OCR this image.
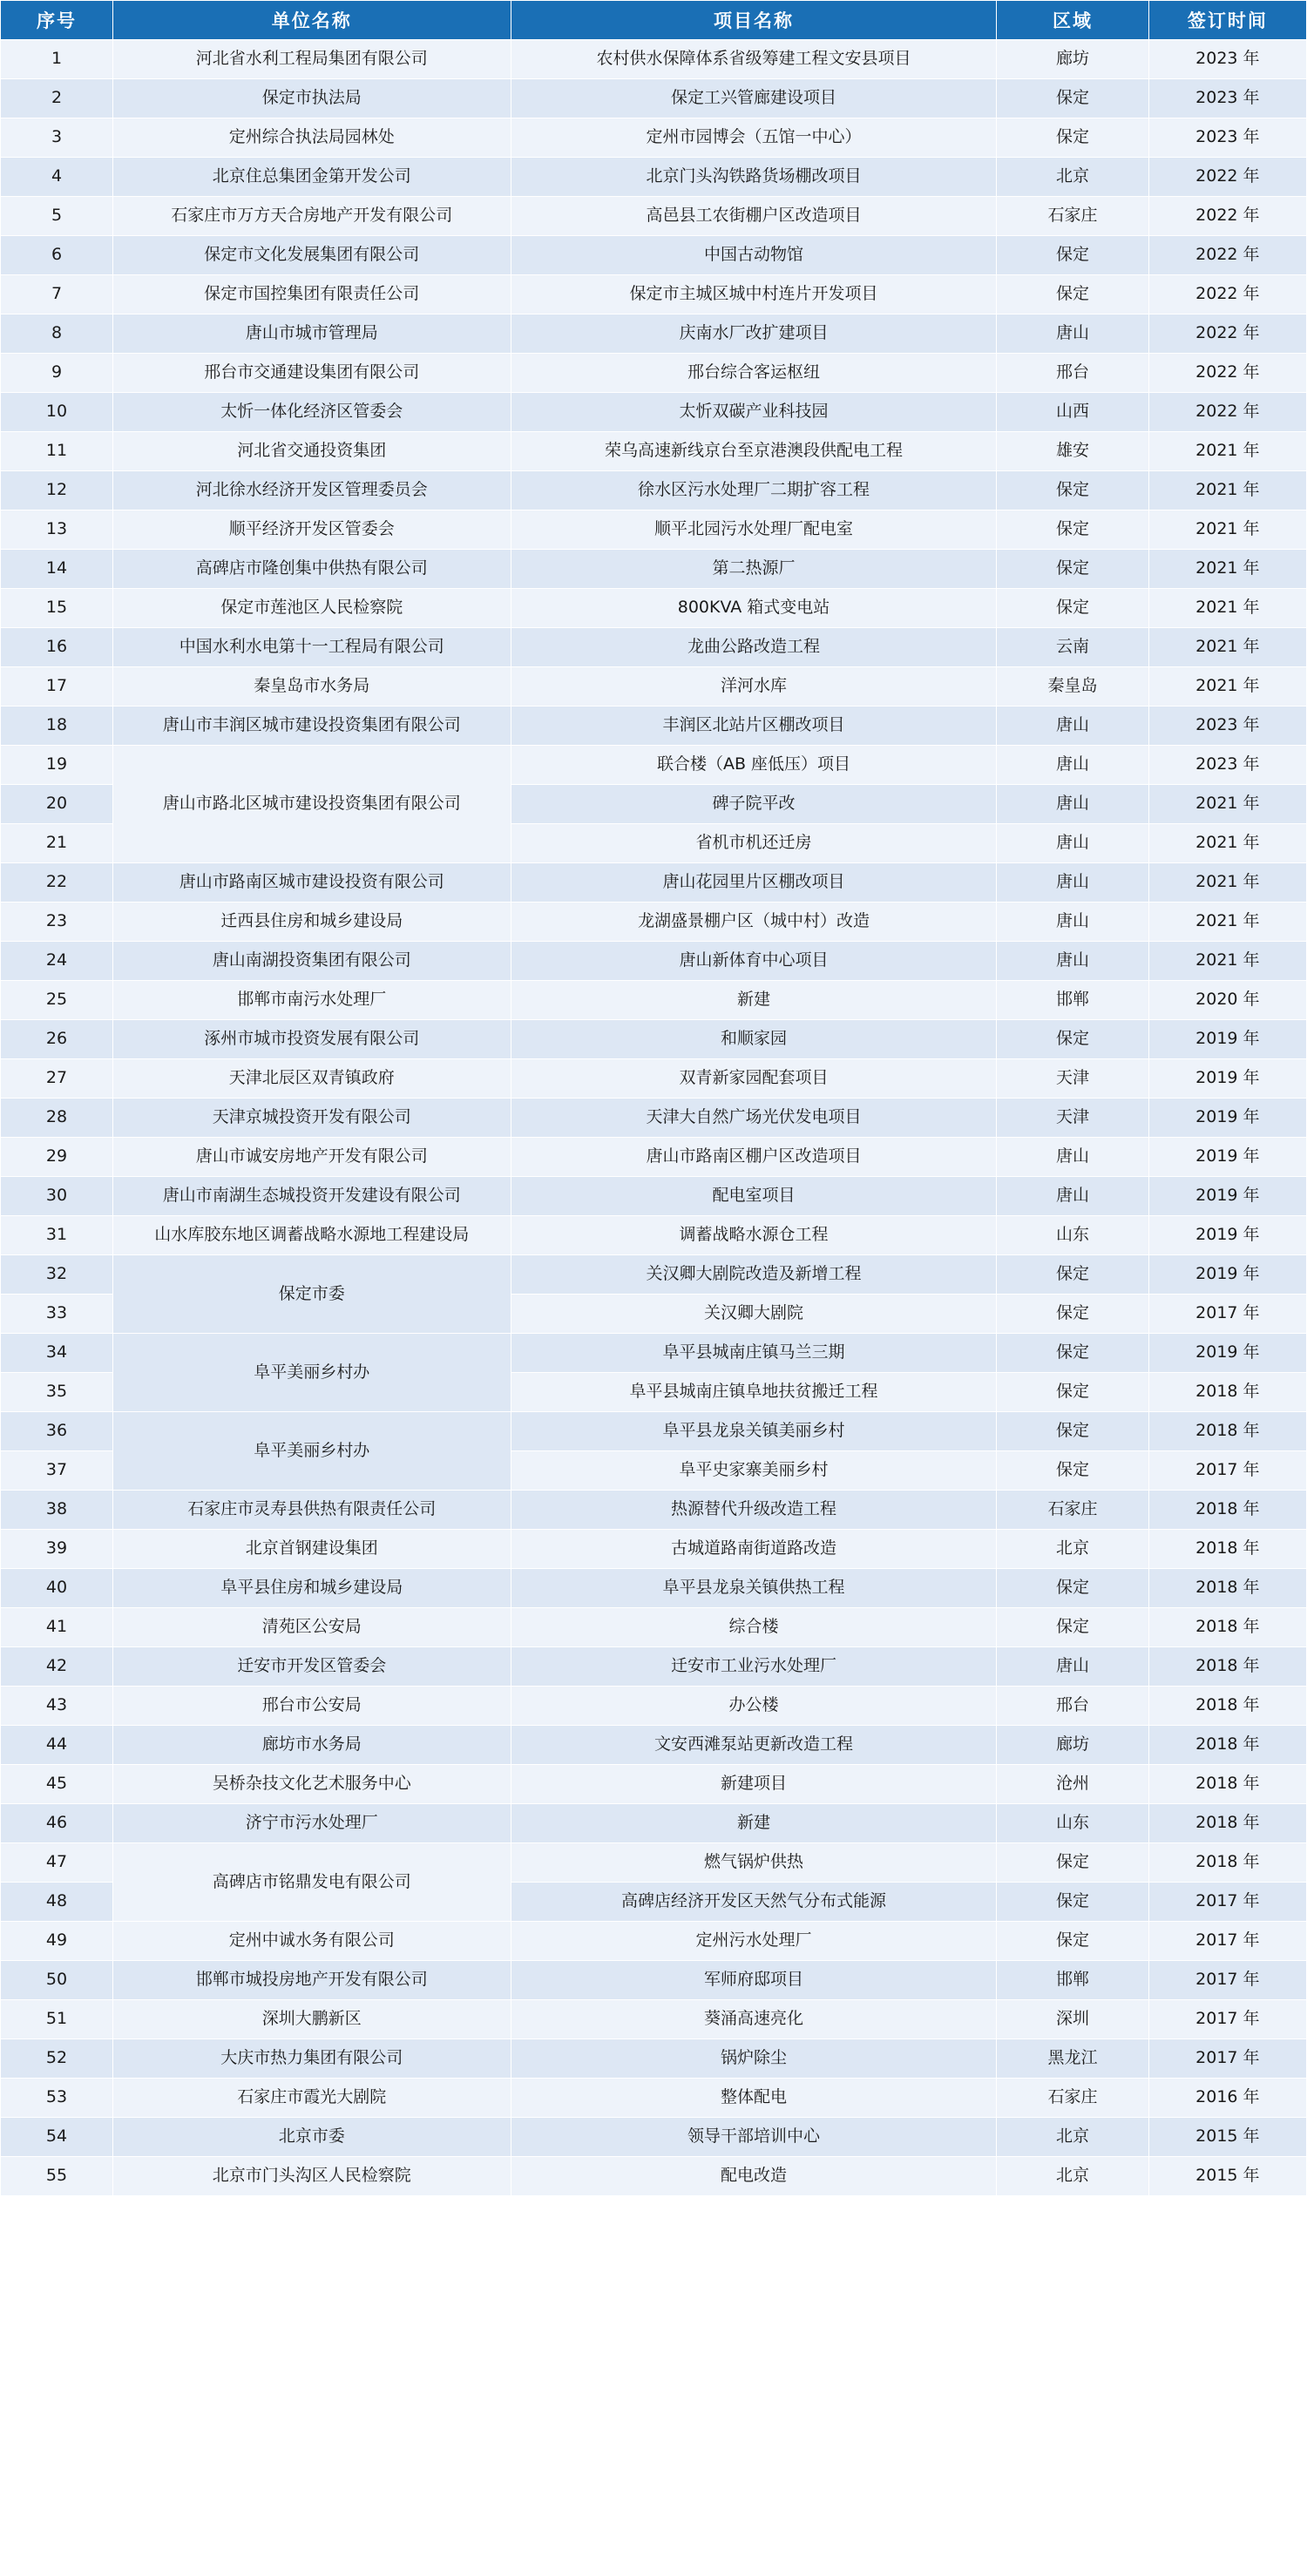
序号	单位名称	项目名称	区域	签订时间
1	河北省水利工程局集团有限公司	农村供水保障体系省级筹建工程文安县项目	廊坊	2023 年
2	保定市执法局	保定工兴管廊建设项目	保定	2023 年
3	定州综合执法局园林处	定州市园博会（五馆一中心）	保定	2023 年
4	北京住总集团金第开发公司	北京门头沟铁路货场棚改项目	北京	2022 年
5	石家庄市万方天合房地产开发有限公司	高邑县工农街棚户区改造项目	石家庄	2022 年
6	保定市文化发展集团有限公司	中国古动物馆	保定	2022 年
7	保定市国控集团有限责任公司	保定市主城区城中村连片开发项目	保定	2022 年
8	唐山市城市管理局	庆南水厂改扩建项目	唐山	2022 年
9	邢台市交通建设集团有限公司	邢台综合客运枢纽	邢台	2022 年
10	太忻一体化经济区管委会	太忻双碳产业科技园	山西	2022 年
11	河北省交通投资集团	荣乌高速新线京台至京港澳段供配电工程	雄安	2021 年
12	河北徐水经济开发区管理委员会	徐水区污水处理厂二期扩容工程	保定	2021 年
13	顺平经济开发区管委会	顺平北园污水处理厂配电室	保定	2021 年
14	高碑店市隆创集中供热有限公司	第二热源厂	保定	2021 年
15	保定市莲池区人民检察院	800KVA 箱式变电站	保定	2021 年
16	中国水利水电第十一工程局有限公司	龙曲公路改造工程	云南	2021 年
17	秦皇岛市水务局	洋河水库	秦皇岛	2021 年
18	唐山市丰润区城市建设投资集团有限公司	丰润区北站片区棚改项目	唐山	2023 年
19	唐山市路北区城市建设投资集团有限公司	联合楼（AB 座低压）项目	唐山	2023 年
20		碑子院平改	唐山	2021 年
21		省机市机还迁房	唐山	2021 年
22	唐山市路南区城市建设投资有限公司	唐山花园里片区棚改项目	唐山	2021 年
23	迁西县住房和城乡建设局	龙湖盛景棚户区（城中村）改造	唐山	2021 年
24	唐山南湖投资集团有限公司	唐山新体育中心项目	唐山	2021 年
25	邯郸市南污水处理厂	新建	邯郸	2020 年
26	涿州市城市投资发展有限公司	和顺家园	保定	2019 年
27	天津北辰区双青镇政府	双青新家园配套项目	天津	2019 年
28	天津京城投资开发有限公司	天津大自然广场光伏发电项目	天津	2019 年
29	唐山市诚安房地产开发有限公司	唐山市路南区棚户区改造项目	唐山	2019 年
30	唐山市南湖生态城投资开发建设有限公司	配电室项目	唐山	2019 年
31	山水库胶东地区调蓄战略水源地工程建设局	调蓄战略水源仓工程	山东	2019 年
32	保定市委	关汉卿大剧院改造及新增工程	保定	2019 年
33		关汉卿大剧院	保定	2017 年
34	阜平美丽乡村办	阜平县城南庄镇马兰三期	保定	2019 年
35		阜平县城南庄镇阜地扶贫搬迁工程	保定	2018 年
36	阜平美丽乡村办	阜平县龙泉关镇美丽乡村	保定	2018 年
37		阜平史家寨美丽乡村	保定	2017 年
38	石家庄市灵寿县供热有限责任公司	热源替代升级改造工程	石家庄	2018 年
39	北京首钢建设集团	古城道路南街道路改造	北京	2018 年
40	阜平县住房和城乡建设局	阜平县龙泉关镇供热工程	保定	2018 年
41	清苑区公安局	综合楼	保定	2018 年
42	迁安市开发区管委会	迁安市工业污水处理厂	唐山	2018 年
43	邢台市公安局	办公楼	邢台	2018 年
44	廊坊市水务局	文安西滩泵站更新改造工程	廊坊	2018 年
45	吴桥杂技文化艺术服务中心	新建项目	沧州	2018 年
46	济宁市污水处理厂	新建	山东	2018 年
47	高碑店市铭鼎发电有限公司	燃气锅炉供热	保定	2018 年
48		高碑店经济开发区天然气分布式能源	保定	2017 年
49	定州中诚水务有限公司	定州污水处理厂	保定	2017 年
50	邯郸市城投房地产开发有限公司	军师府邸项目	邯郸	2017 年
51	深圳大鹏新区	葵涌高速亮化	深圳	2017 年
52	大庆市热力集团有限公司	锅炉除尘	黑龙江	2017 年
53	石家庄市霞光大剧院	整体配电	石家庄	2016 年
54	北京市委	领导干部培训中心	北京	2015 年
55	北京市门头沟区人民检察院	配电改造	北京	2015 年
